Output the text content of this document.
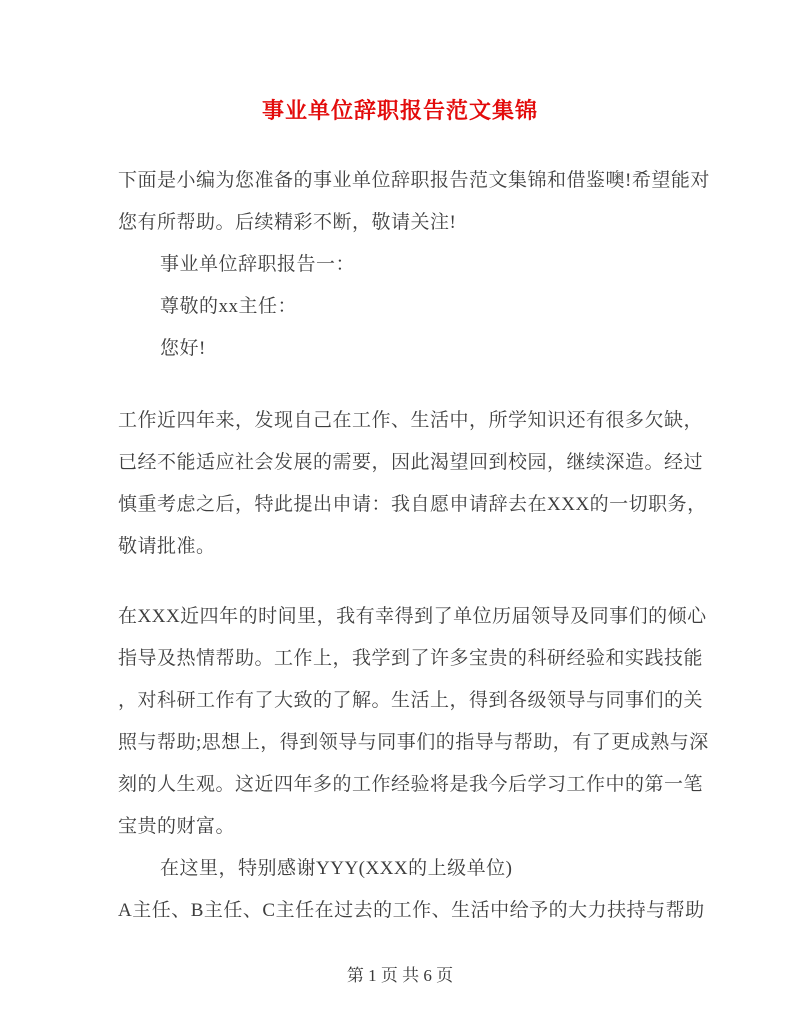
事业单位辞职报告范文集锦
下面是小编为您准备的事业单位辞职报告范文集锦和借鉴噢!希望能对
您有所帮助。后续精彩不断，敬请关注!
事业单位辞职报告一：
尊敬的xx主任：
您好!
工作近四年来，发现自己在工作、生活中，所学知识还有很多欠缺，
已经不能适应社会发展的需要，因此渴望回到校园，继续深造。经过
慎重考虑之后，特此提出申请：我自愿申请辞去在XXX的一切职务，
敬请批准。
在XXX近四年的时间里，我有幸得到了单位历届领导及同事们的倾心
指导及热情帮助。工作上，我学到了许多宝贵的科研经验和实践技能
，对科研工作有了大致的了解。生活上，得到各级领导与同事们的关
照与帮助;思想上，得到领导与同事们的指导与帮助，有了更成熟与深
刻的人生观。这近四年多的工作经验将是我今后学习工作中的第一笔
宝贵的财富。
在这里，特别感谢YYY(XXX的上级单位)
A主任、B主任、C主任在过去的工作、生活中给予的大力扶持与帮助
第 1 页 共 6 页
